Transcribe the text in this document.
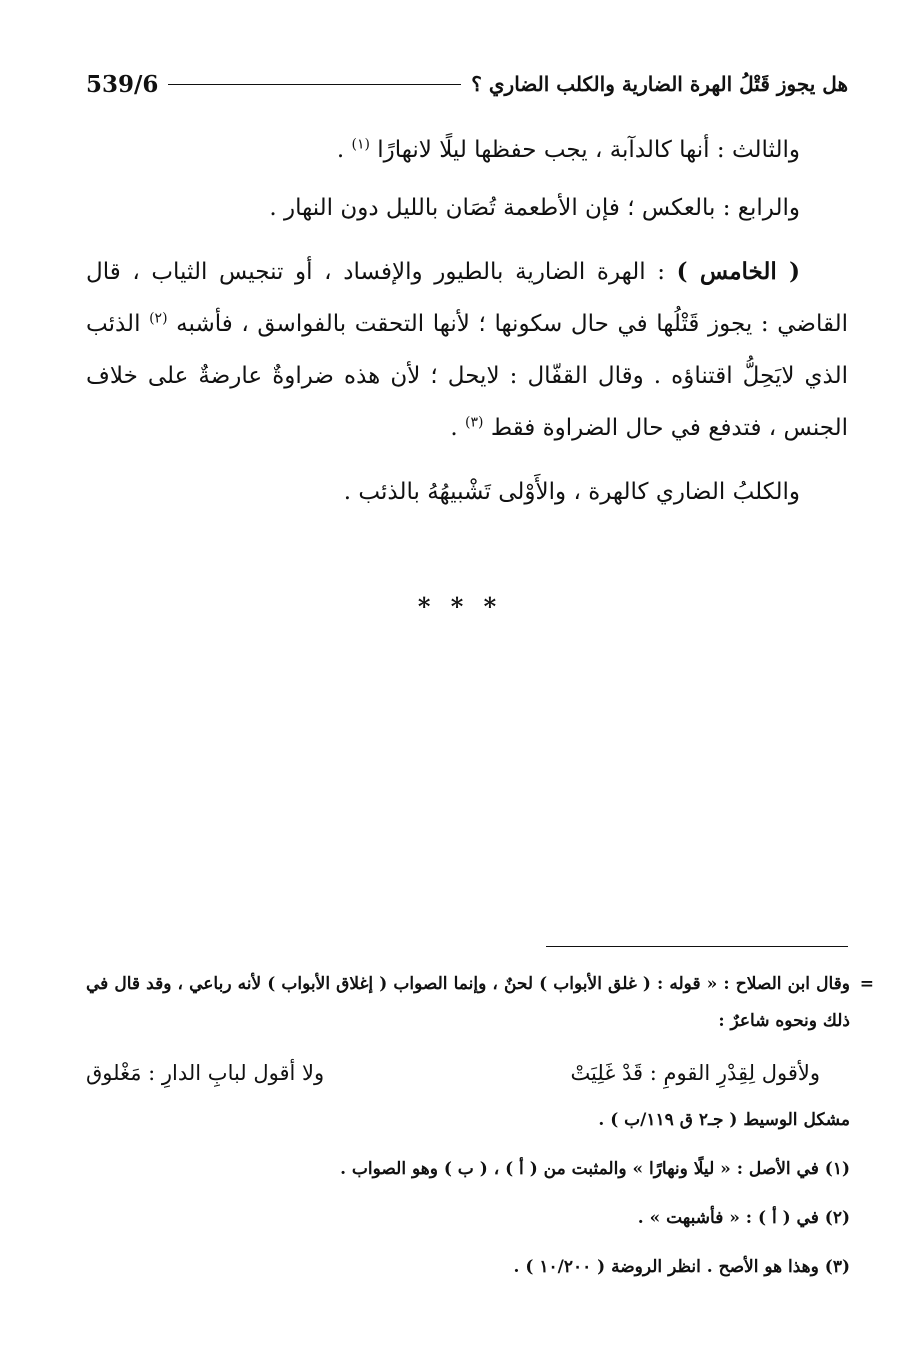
539/6	هل يجوز قَتْلُ الهرة الضارية والكلب الضاري ؟

والثالث : أنها كالدآبة ، يجب حفظها ليلًا لانهارًا $^{(١)}$ .

والرابع : بالعكس ؛ فإن الأطعمة تُصَان بالليل دون النهار .

( الخامس ) : الهرة الضارية بالطيور والإفساد ، أو تنجيس الثياب ، قال القاضي : يجوز قَتْلُها في حال سكونها ؛ لأنها التحقت بالفواسق ، فأشبه $^{(٢)}$ الذئب الذي لايَحِلُّ اقتناؤه . وقال القفّال : لايحل ؛ لأن هذه ضراوةٌ عارضةٌ على خلاف الجنس ، فتدفع في حال الضراوة فقط $^{(٣)}$ .

والكلبُ الضاري كالهرة ، والأَوْلى تَشْبيهُهُ بالذئب .

* * *

=
وقال ابن الصلاح : « قوله : ( غلق الأبواب ) لحنٌ ، وإنما الصواب ( إغلاق الأبواب ) لأنه رباعي ، وقد قال في ذلك ونحوه شاعرٌ :

ولأقول لِقِدْرِ القومِ : قَدْ غَلِيَتْ
ولا أقول لبابِ الدارِ : مَغْلوق

مشكل الوسيط ( جـ٢ ق ١١٩/ب ) .

(١) في الأصل : « ليلًا ونهارًا » والمثبت من ( أ ) ، ( ب ) وهو الصواب .

(٢) في ( أ ) : « فأشبهت » .

(٣) وهذا هو الأصح . انظر الروضة ( ١٠/٢٠٠ ) .
